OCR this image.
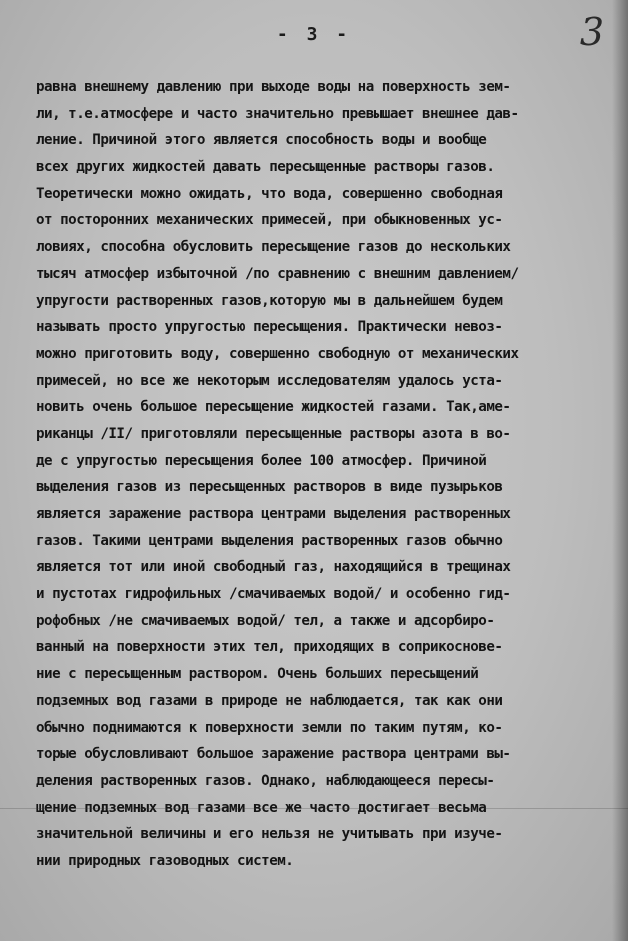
- 3 -	3
равна внешнему давлению при выходе воды на поверхность зем-
ли, т.е.атмосфере и часто значительно превышает внешнее дав-
ление. Причиной этого является способность воды и вообще
всех других жидкостей давать пересыщенные растворы газов.
Теоретически можно ожидать, что вода, совершенно свободная
от посторонних механических примесей, при обыкновенных ус-
ловиях, способна обусловить пересыщение газов до нескольких
тысяч атмосфер избыточной /по сравнению с внешним давлением/
упругости растворенных газов,которую мы в дальнейшем будем
называть просто упругостью пересыщения. Практически невоз-
можно приготовить воду, совершенно свободную от механических
примесей, но все же некоторым исследователям удалось уста-
новить очень большое пересыщение жидкостей газами. Так,аме-
риканцы /II/ приготовляли пересыщенные растворы азота в во-
де с упругостью пересыщения более 100 атмосфер. Причиной
выделения газов из пересыщенных растворов в виде пузырьков
является заражение раствора центрами выделения растворенных
газов. Такими центрами выделения растворенных газов обычно
является тот или иной свободный газ, находящийся в трещинах
и пустотах гидрофильных /смачиваемых водой/ и особенно гид-
рофобных /не смачиваемых водой/ тел, а также и адсорбиро-
ванный на поверхности этих тел, приходящих в соприкоснове-
ние с пересыщенным раствором. Очень больших пересыщений
подземных вод газами в природе не наблюдается, так как они
обычно поднимаются к поверхности земли по таким путям, ко-
торые обусловливают большое заражение раствора центрами вы-
деления растворенных газов. Однако, наблюдающееся пересы-
щение подземных вод газами все же часто достигает весьма
значительной величины и его нельзя не учитывать при изуче-
нии природных газоводных систем.
